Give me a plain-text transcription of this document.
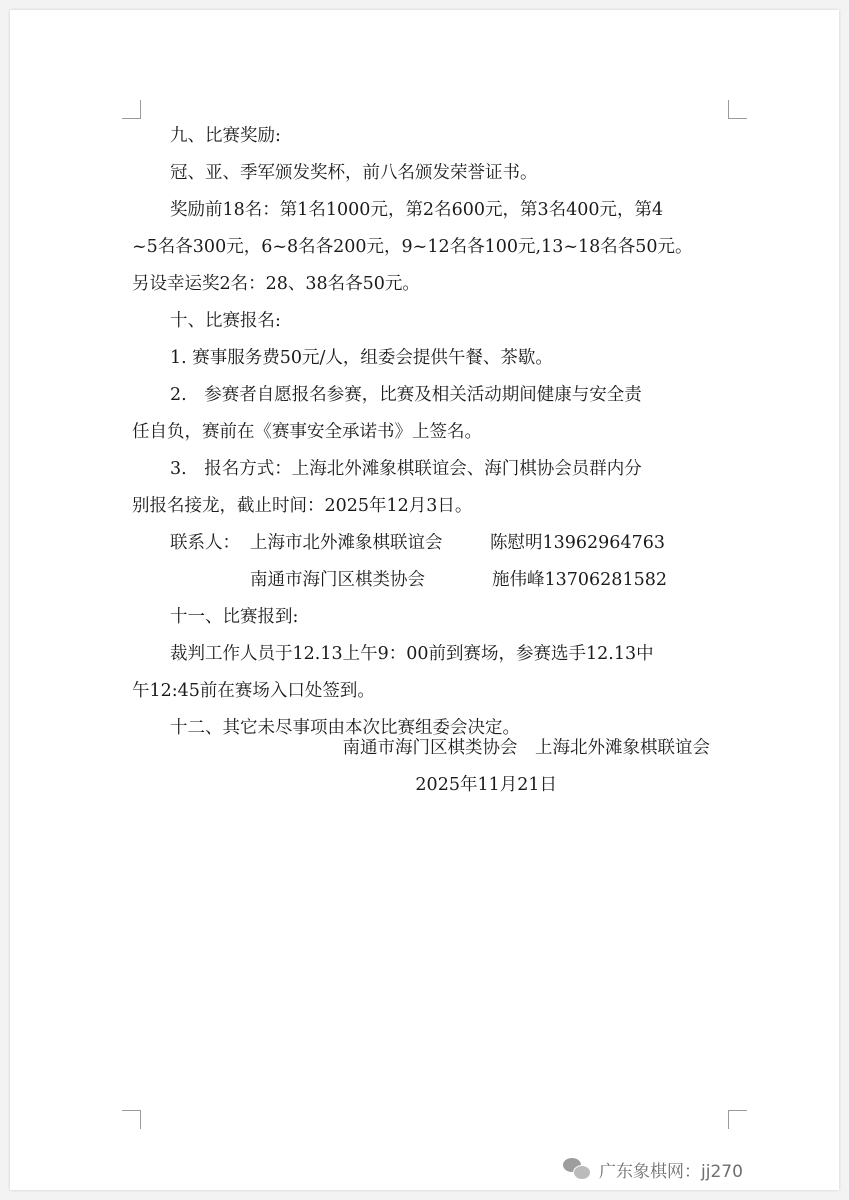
九、比赛奖励:

冠、亚、季军颁发奖杯，前八名颁发荣誉证书。

奖励前18名：第1名1000元，第2名600元，第3名400元，第4

~5名各300元，6~8名各200元，9~12名各100元,13~18名各50元。

另设幸运奖2名：28、38名各50元。

十、比赛报名:

1. 赛事服务费50元/人，组委会提供午餐、茶歇。

2.　参赛者自愿报名参赛，比赛及相关活动期间健康与安全责

任自负，赛前在《赛事安全承诺书》上签名。

3.　报名方式：上海北外滩象棋联谊会、海门棋协会员群内分

别报名接龙，截止时间：2025年12月3日。

联系人： 上海市北外滩象棋联谊会	陈慰明13962964763
南通市海门区棋类协会	施伟峰13706281582

十一、比赛报到:

裁判工作人员于12.13上午9：00前到赛场，参赛选手12.13中

午12:45前在赛场入口处签到。

十二、其它未尽事项由本次比赛组委会决定。

南通市海门区棋类协会　上海北外滩象棋联谊会
2025年11月21日
广东象棋网：jj270
